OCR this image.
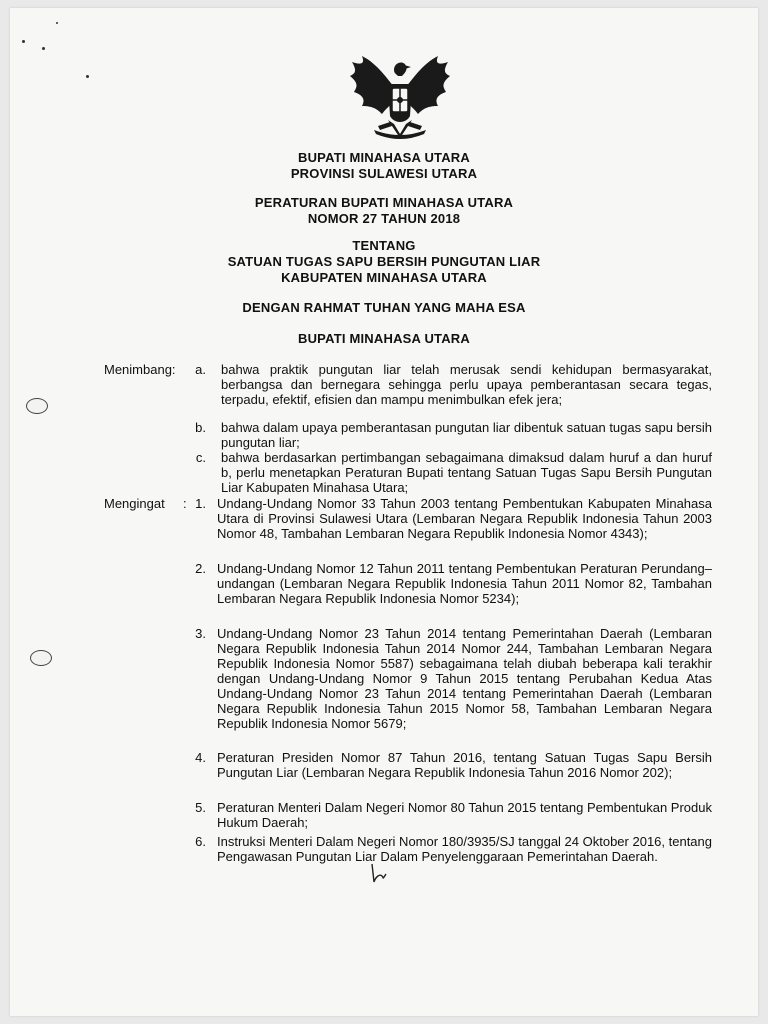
BUPATI MINAHASA UTARA
PROVINSI SULAWESI UTARA
PERATURAN BUPATI MINAHASA UTARA
NOMOR 27 TAHUN 2018
TENTANG
SATUAN TUGAS SAPU BERSIH PUNGUTAN LIAR
KABUPATEN MINAHASA UTARA
DENGAN RAHMAT TUHAN YANG MAHA ESA
BUPATI MINAHASA UTARA
Menimbang:	a. bahwa praktik pungutan liar telah merusak sendi kehidupan bermasyarakat, berbangsa dan bernegara sehingga perlu upaya pemberantasan secara tegas, terpadu, efektif, efisien dan mampu menimbulkan efek jera;
b. bahwa dalam upaya pemberantasan pungutan liar dibentuk satuan tugas sapu bersih pungutan liar;
c. bahwa berdasarkan pertimbangan sebagaimana dimaksud dalam huruf a dan huruf b, perlu menetapkan Peraturan Bupati tentang Satuan Tugas Sapu Bersih Pungutan Liar Kabupaten Minahasa Utara;
Mengingat : 1. Undang-Undang Nomor 33 Tahun 2003 tentang Pembentukan Kabupaten Minahasa Utara di Provinsi Sulawesi Utara (Lembaran Negara Republik Indonesia Tahun 2003 Nomor 48, Tambahan Lembaran Negara Republik Indonesia Nomor 4343);
2. Undang-Undang Nomor 12 Tahun 2011 tentang Pembentukan Peraturan Perundang–undangan (Lembaran Negara Republik Indonesia Tahun 2011 Nomor 82, Tambahan Lembaran Negara Republik Indonesia Nomor 5234);
3. Undang-Undang Nomor 23 Tahun 2014 tentang Pemerintahan Daerah (Lembaran Negara Republik Indonesia Tahun 2014 Nomor 244, Tambahan Lembaran Negara Republik Indonesia Nomor 5587) sebagaimana telah diubah beberapa kali terakhir dengan Undang-Undang Nomor 9 Tahun 2015 tentang Perubahan Kedua Atas Undang-Undang Nomor 23 Tahun 2014 tentang Pemerintahan Daerah (Lembaran Negara Republik Indonesia Tahun 2015 Nomor 58, Tambahan Lembaran Negara Republik Indonesia Nomor 5679;
4. Peraturan Presiden Nomor 87 Tahun 2016, tentang Satuan Tugas Sapu Bersih Pungutan Liar (Lembaran Negara Republik Indonesia Tahun 2016 Nomor 202);
5. Peraturan Menteri Dalam Negeri Nomor 80 Tahun 2015 tentang Pembentukan Produk Hukum Daerah;
6. Instruksi Menteri Dalam Negeri Nomor 180/3935/SJ tanggal 24 Oktober 2016, tentang Pengawasan Pungutan Liar Dalam Penyelenggaraan Pemerintahan Daerah.
